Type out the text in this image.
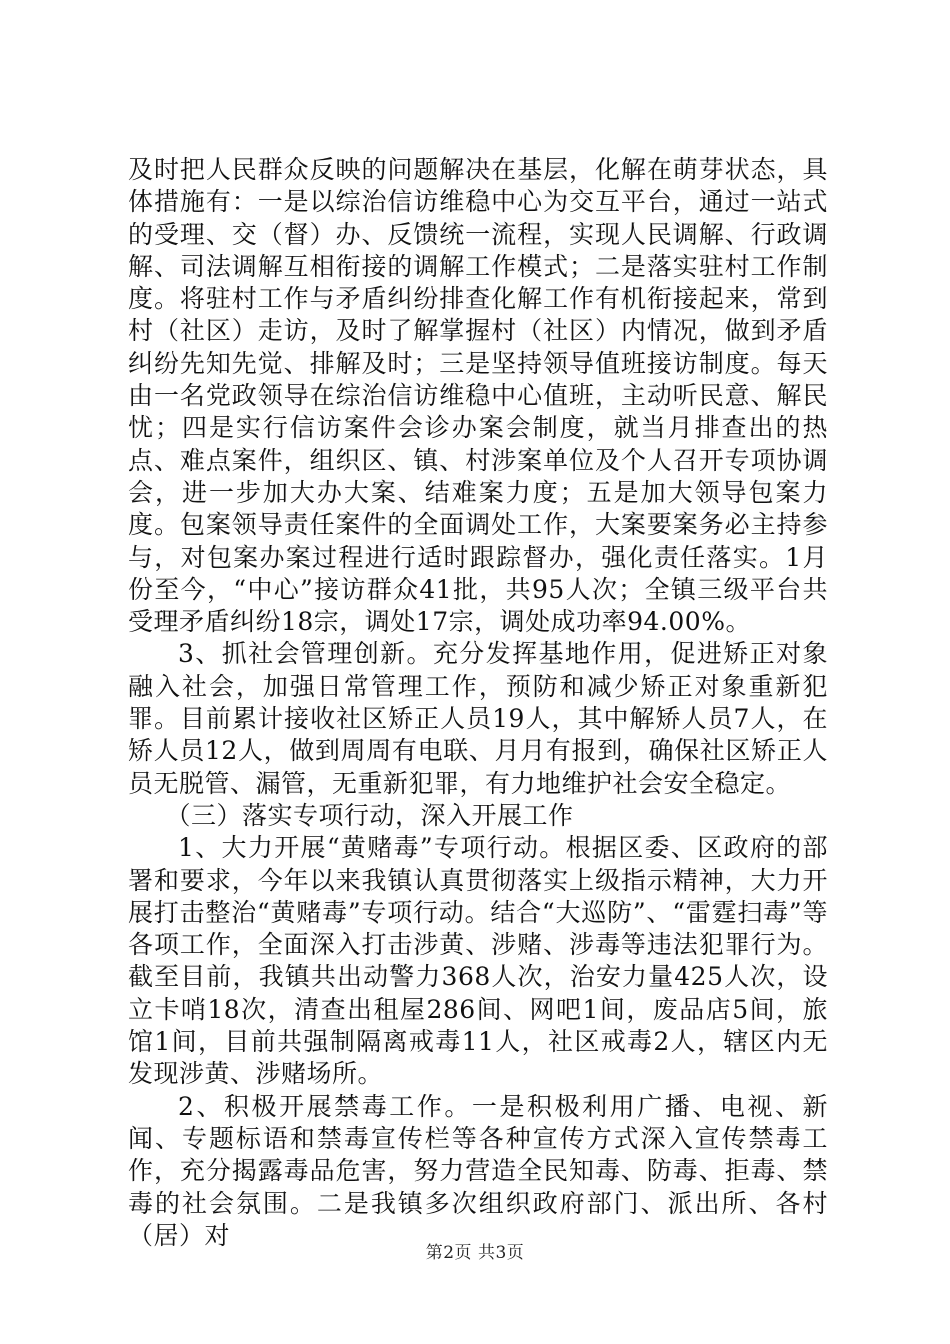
及时把人民群众反映的问题解决在基层，化解在萌芽状态，具体措施有：一是以综治信访维稳中心为交互平台，通过一站式的受理、交（督）办、反馈统一流程，实现人民调解、行政调解、司法调解互相衔接的调解工作模式；二是落实驻村工作制度。将驻村工作与矛盾纠纷排查化解工作有机衔接起来，常到村（社区）走访，及时了解掌握村（社区）内情况，做到矛盾纠纷先知先觉、排解及时；三是坚持领导值班接访制度。每天由一名党政领导在综治信访维稳中心值班，主动听民意、解民忧；四是实行信访案件会诊办案会制度，就当月排查出的热点、难点案件，组织区、镇、村涉案单位及个人召开专项协调会，进一步加大办大案、结难案力度；五是加大领导包案力度。包案领导责任案件的全面调处工作，大案要案务必主持参与，对包案办案过程进行适时跟踪督办，强化责任落实。1月份至今，“中心”接访群众41批，共95人次；全镇三级平台共受理矛盾纠纷18宗，调处17宗，调处成功率94.00%。

3、抓社会管理创新。充分发挥基地作用，促进矫正对象融入社会，加强日常管理工作，预防和减少矫正对象重新犯罪。目前累计接收社区矫正人员19人，其中解矫人员7人，在矫人员12人，做到周周有电联、月月有报到，确保社区矫正人员无脱管、漏管，无重新犯罪，有力地维护社会安全稳定。

（三）落实专项行动，深入开展工作

1、大力开展“黄赌毒”专项行动。根据区委、区政府的部署和要求，今年以来我镇认真贯彻落实上级指示精神，大力开展打击整治“黄赌毒”专项行动。结合“大巡防”、“雷霆扫毒”等各项工作，全面深入打击涉黄、涉赌、涉毒等违法犯罪行为。截至目前，我镇共出动警力368人次，治安力量425人次，设立卡哨18次，清查出租屋286间、网吧1间，废品店5间，旅馆1间，目前共强制隔离戒毒11人，社区戒毒2人，辖区内无发现涉黄、涉赌场所。

2、积极开展禁毒工作。一是积极利用广播、电视、新闻、专题标语和禁毒宣传栏等各种宣传方式深入宣传禁毒工作，充分揭露毒品危害，努力营造全民知毒、防毒、拒毒、禁毒的社会氛围。二是我镇多次组织政府部门、派出所、各村（居）对

第2页 共3页
